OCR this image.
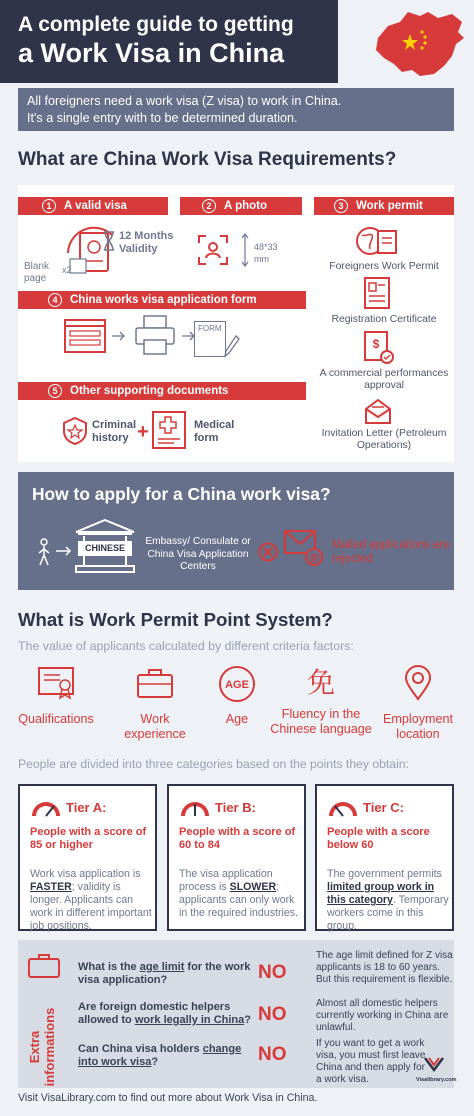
A complete guide to getting
a Work Visa in China
All foreigners need a work visa (Z visa) to work in China.
It's a single entry with to be determined duration.
What are China Work Visa Requirements?
1	A valid visa	2	A photo	3	Work permit
x2
Blank page
12 Months Validity	48*33 mm
Foreigners Work Permit
Registration Certificate
$
A commercial performances approval
Invitation Letter (Petroleum Operations)
4	China works visa application form
FORM
5	Other supporting documents
Criminal history +	Medical form
How to apply for a China work visa?
CHINESE
Embassy/ Consulate or China Visa Application Centers
@
Mailed applications are rejected
What is Work Permit Point System?
The value of applicants calculated by different criteria factors:
Qualifications	Work experience
AGE
Age
免
Fluency in the Chinese language
Employment location
People are divided into three categories based on the points they obtain:
Tier A:
People with a score of 85 or higher
Work visa application is FASTER; validity is longer. Applicants can work in different important job positions.
Tier B:
People with a score of 60 to 84
The visa application process is SLOWER; applicants can only work in the required industries.
Tier C:
People with a score below 60
The government permits limited group work in this category. Temporary workers come in this group.
Extra informations
What is the age limit for the work visa application?	NO
The age limit defined for Z visa applicants is 18 to 60 years. But this requirement is flexible.
Are foreign domestic helpers allowed to work legally in China? NO
Almost all domestic helpers currently working in China are unlawful.
Can China visa holders change into work visa?	NO
If you want to get a work visa, you must first leave China and then apply for a work visa.	Visalibrary.com
Visit VisaLibrary.com to find out more about Work Visa in China.
